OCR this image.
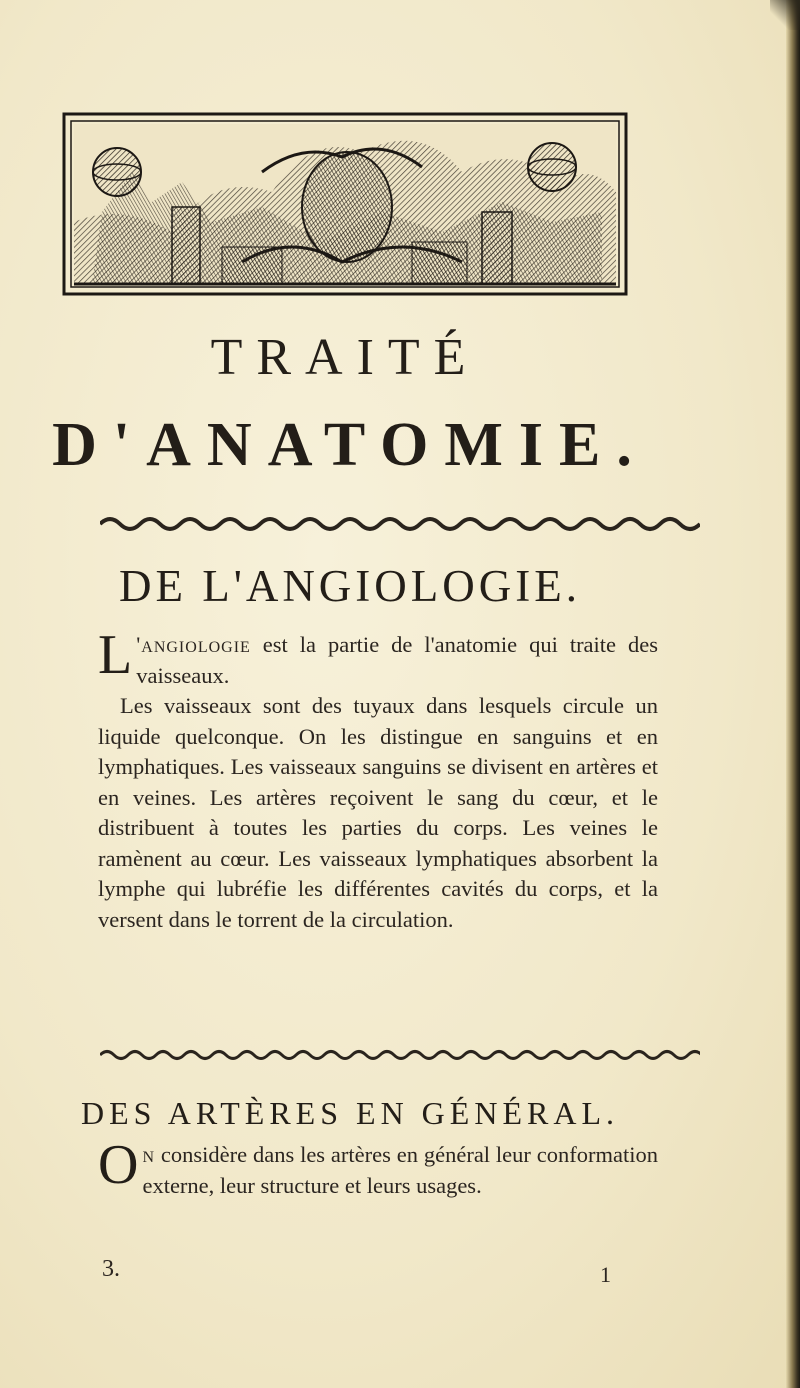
TRAITÉ
D'ANATOMIE.
DE L'ANGIOLOGIE.
L 'angiologie est la partie de l'anatomie qui traite des vaisseaux.
Les vaisseaux sont des tuyaux dans lesquels circule un liquide quelconque. On les distingue en sanguins et en lymphatiques. Les vaisseaux sanguins se divisent en artères et en veines. Les artères reçoivent le sang du cœur, et le distribuent à toutes les parties du corps. Les veines le ramènent au cœur. Les vaisseaux lymphatiques absorbent la lymphe qui lubréfie les différentes cavités du corps, et la versent dans le torrent de la circulation.
DES ARTÈRES EN GÉNÉRAL.
On considère dans les artères en général leur conformation externe, leur structure et leurs usages.
3.	1
